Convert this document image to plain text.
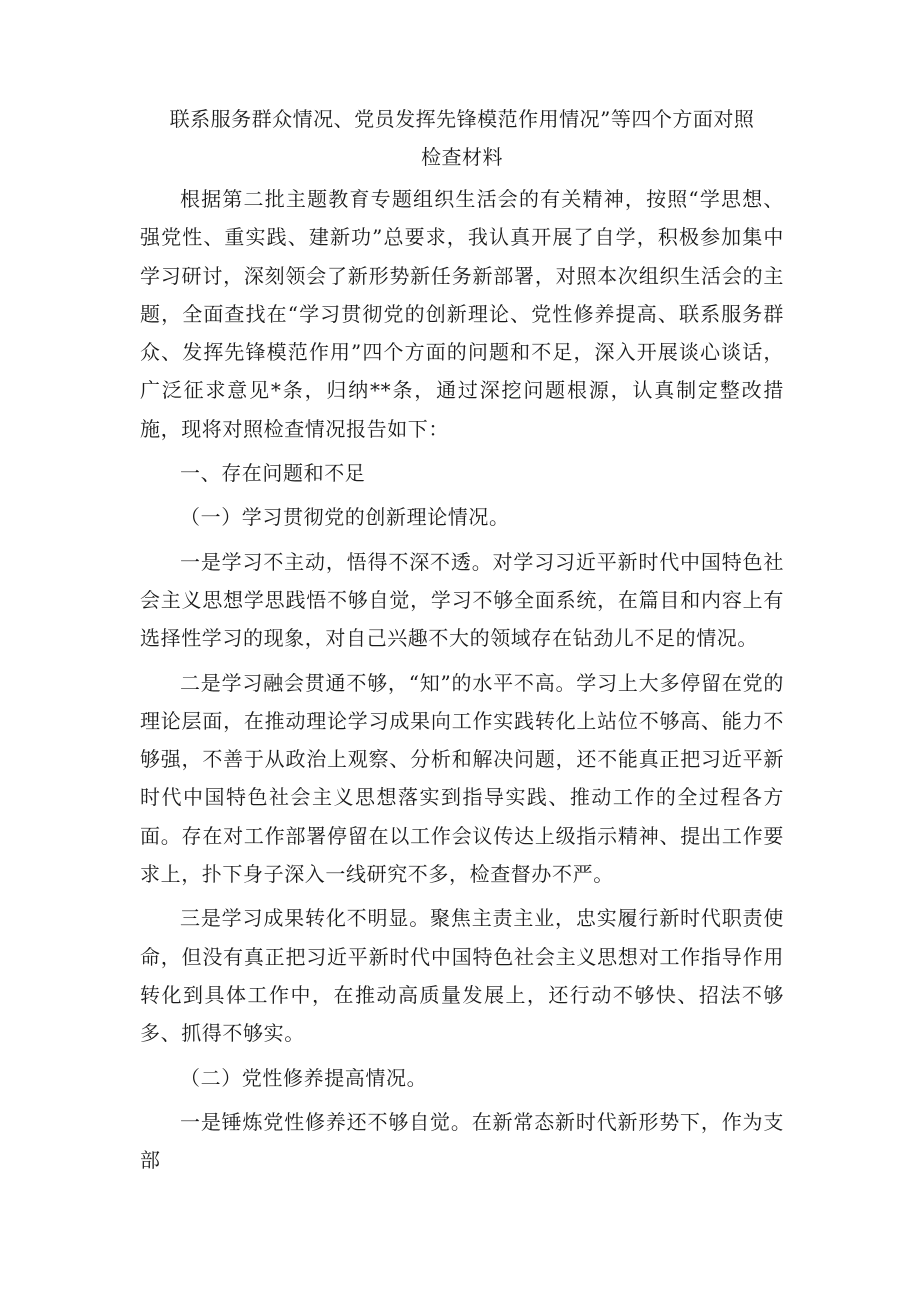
联系服务群众情况、党员发挥先锋模范作用情况”等四个方面对照
检查材料

根据第二批主题教育专题组织生活会的有关精神，按照“学思想、强党性、重实践、建新功”总要求，我认真开展了自学，积极参加集中学习研讨，深刻领会了新形势新任务新部署，对照本次组织生活会的主题，全面查找在“学习贯彻党的创新理论、党性修养提高、联系服务群众、发挥先锋模范作用”四个方面的问题和不足，深入开展谈心谈话，广泛征求意见*条，归纳**条，通过深挖问题根源，认真制定整改措施，现将对照检查情况报告如下：

一、存在问题和不足

（一）学习贯彻党的创新理论情况。

一是学习不主动，悟得不深不透。对学习习近平新时代中国特色社会主义思想学思践悟不够自觉，学习不够全面系统，在篇目和内容上有选择性学习的现象，对自己兴趣不大的领域存在钻劲儿不足的情况。

二是学习融会贯通不够，“知”的水平不高。学习上大多停留在党的理论层面，在推动理论学习成果向工作实践转化上站位不够高、能力不够强，不善于从政治上观察、分析和解决问题，还不能真正把习近平新时代中国特色社会主义思想落实到指导实践、推动工作的全过程各方面。存在对工作部署停留在以工作会议传达上级指示精神、提出工作要求上，扑下身子深入一线研究不多，检查督办不严。

三是学习成果转化不明显。聚焦主责主业，忠实履行新时代职责使命，但没有真正把习近平新时代中国特色社会主义思想对工作指导作用转化到具体工作中，在推动高质量发展上，还行动不够快、招法不够多、抓得不够实。

（二）党性修养提高情况。

一是锤炼党性修养还不够自觉。在新常态新时代新形势下，作为支部
